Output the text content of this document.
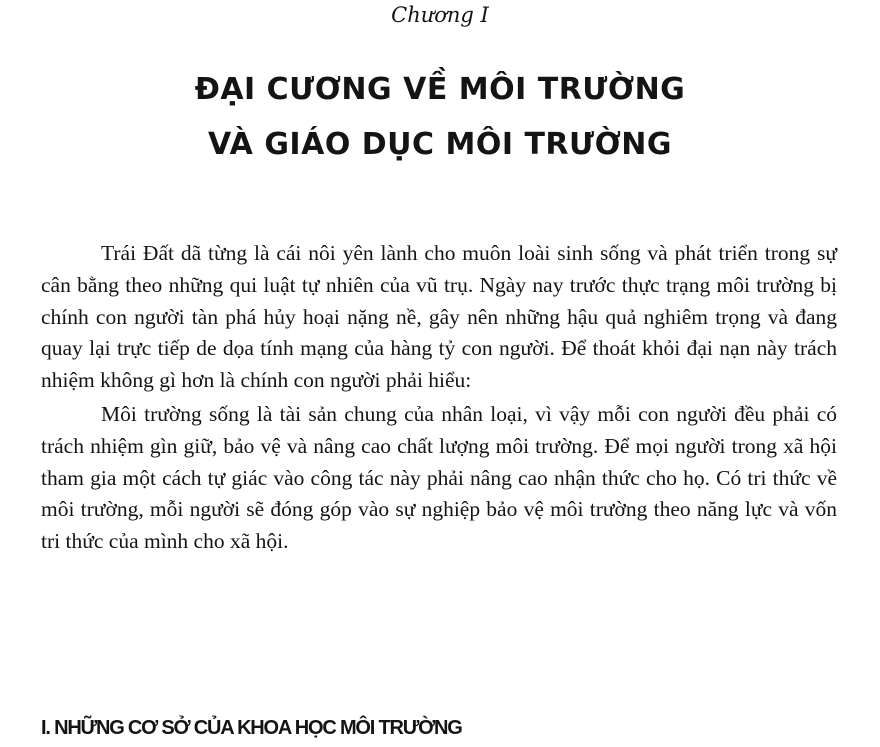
Chương I
ĐẠI CƯƠNG VỀ MÔI TRƯỜNG
VÀ GIÁO DỤC MÔI TRƯỜNG

Trái Đất dã từng là cái nôi yên lành cho muôn loài sinh sống và phát triển trong sự cân bằng theo những qui luật tự nhiên của vũ trụ. Ngày nay trước thực trạng môi trường bị chính con người tàn phá hủy hoại nặng nề, gây nên những hậu quả nghiêm trọng và đang quay lại trực tiếp de dọa tính mạng của hàng tỷ con người. Để thoát khỏi đại nạn này trách nhiệm không gì hơn là chính con người phải hiểu:

Môi trường sống là tài sản chung của nhân loại, vì vậy mỗi con người đều phải có trách nhiệm gìn giữ, bảo vệ và nâng cao chất lượng môi trường. Để mọi người trong xã hội tham gia một cách tự giác vào công tác này phải nâng cao nhận thức cho họ. Có tri thức về môi trường, mỗi người sẽ đóng góp vào sự nghiệp bảo vệ môi trường theo năng lực và vốn tri thức của mình cho xã hội.

I. NHỮNG CƠ SỞ CỦA KHOA HỌC MÔI TRƯỜNG
